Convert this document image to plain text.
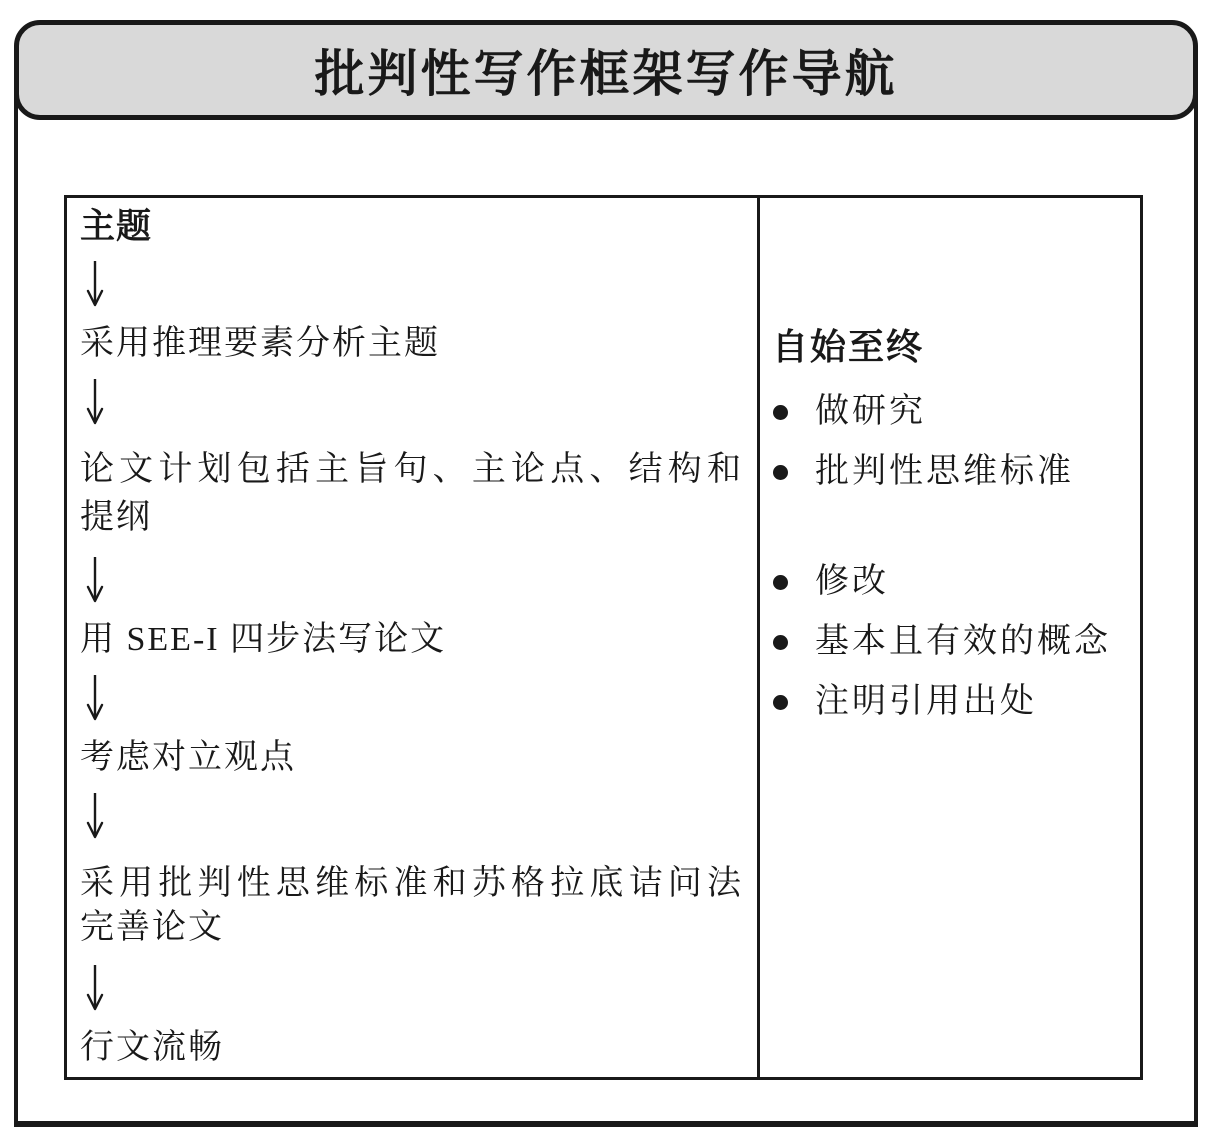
批判性写作框架写作导航
主题
采用推理要素分析主题
论文计划包括主旨句、主论点、结构和
提纲
用 SEE-I 四步法写论文
考虑对立观点
采用批判性思维标准和苏格拉底诘问法
完善论文
行文流畅
自始至终
做研究
批判性思维标准
修改
基本且有效的概念
注明引用出处
